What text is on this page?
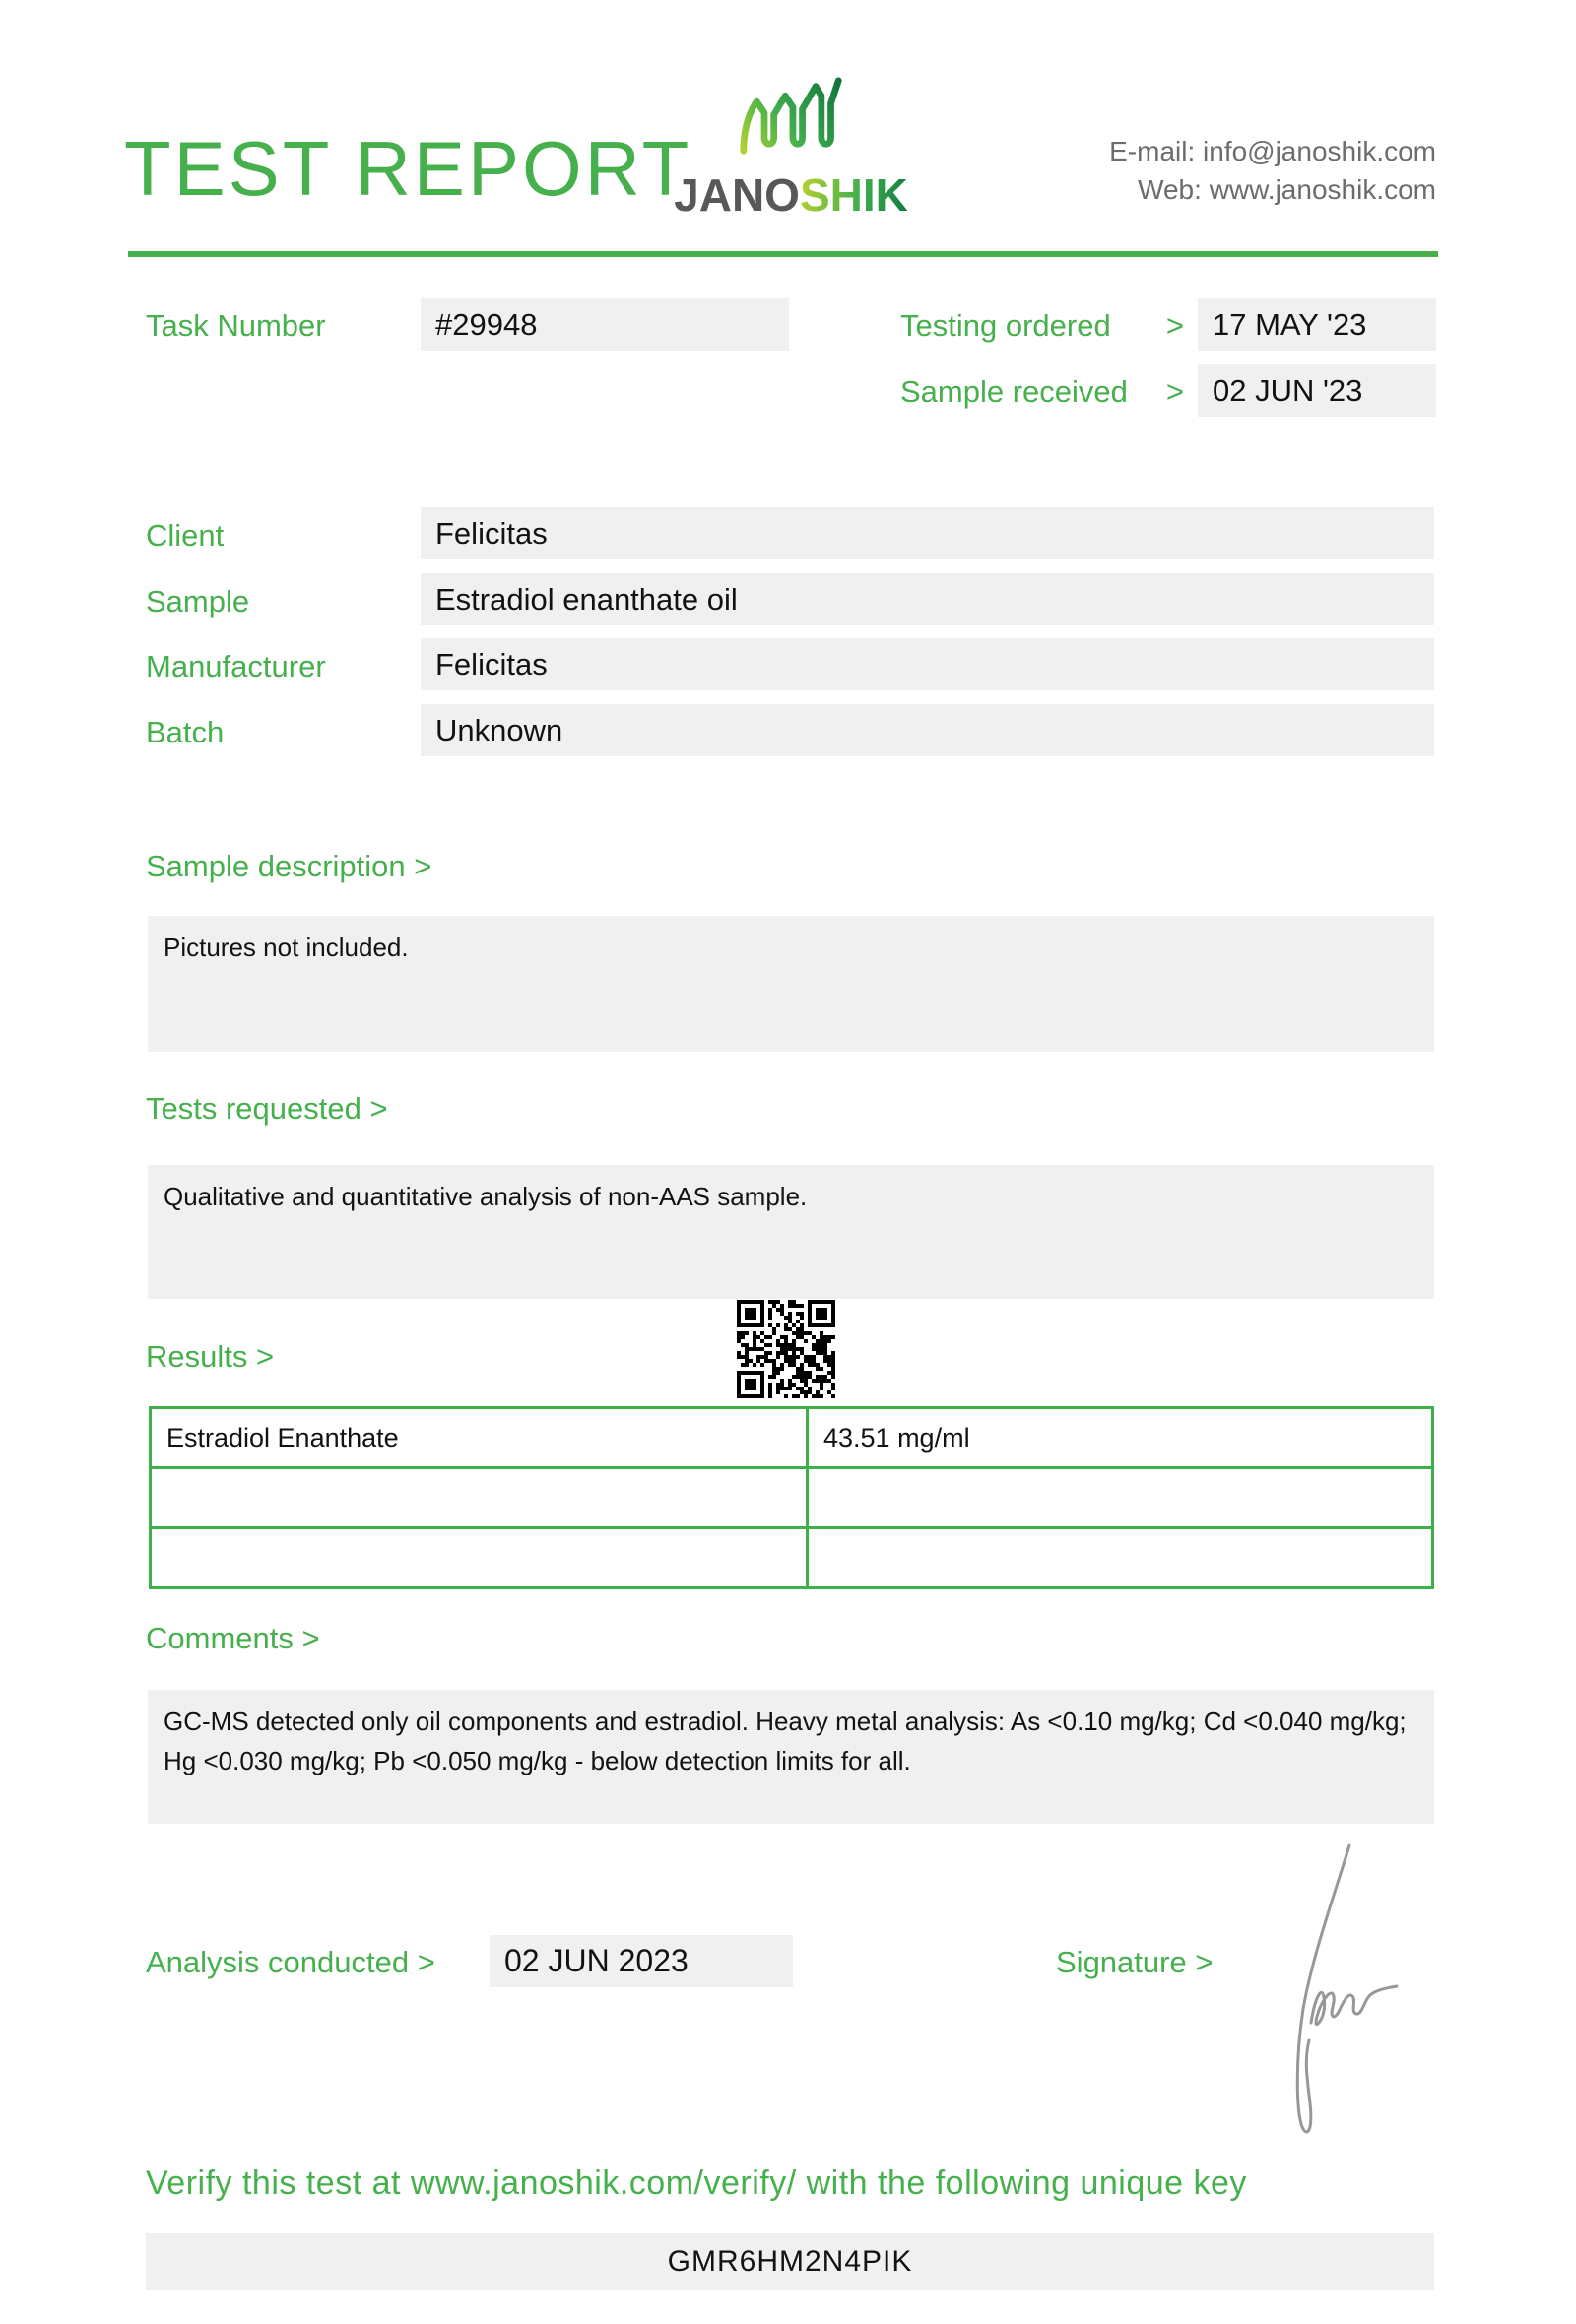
TEST REPORT
JANOSHIK
E-mail: info@janoshik.com
Web: www.janoshik.com
Task Number	#29948	Testing ordered > 17 MAY '23
Sample received > 02 JUN '23
Client	Felicitas
Sample	Estradiol enanthate oil
Manufacturer	Felicitas
Batch	Unknown
Sample description >
Pictures not included.
Tests requested >
Qualitative and quantitative analysis of non-AAS sample.
Results >
Estradiol Enanthate	43.51 mg/ml

Comments >
GC-MS detected only oil components and estradiol. Heavy metal analysis: As <0.10 mg/kg; Cd <0.040 mg/kg; Hg <0.030 mg/kg; Pb <0.050 mg/kg - below detection limits for all.
Analysis conducted >	02 JUN 2023	Signature >
Verify this test at www.janoshik.com/verify/ with the following unique key
GMR6HM2N4PIK
